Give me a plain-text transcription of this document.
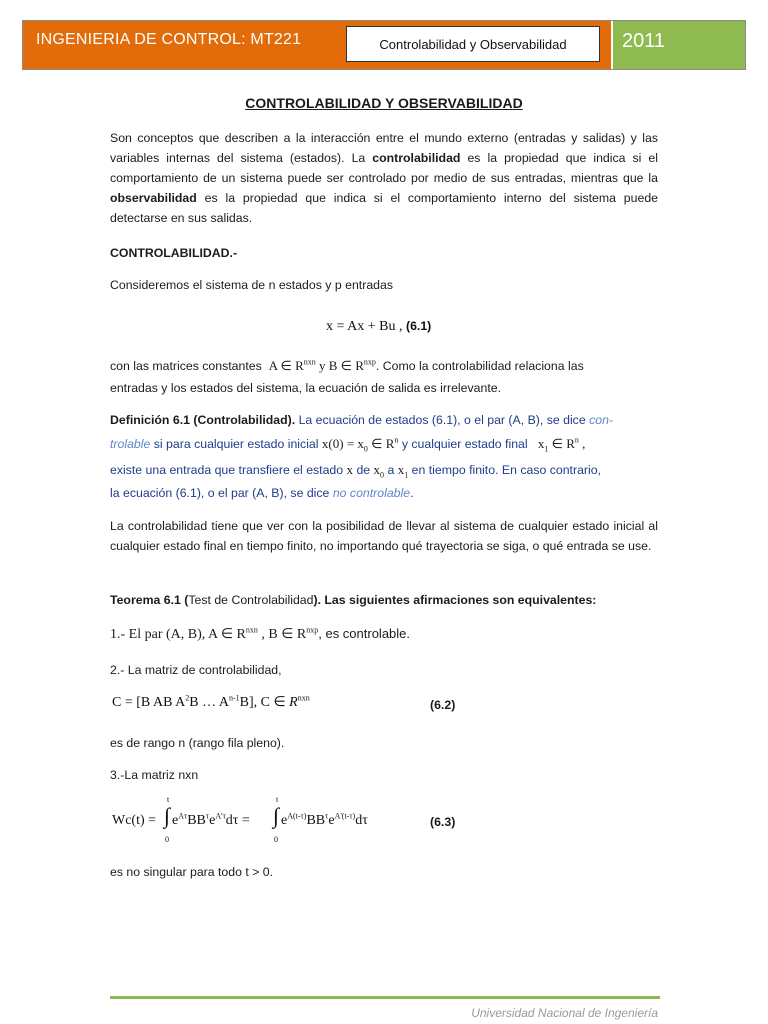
INGENIERIA DE CONTROL: MT221	Controlabilidad y Observabilidad	2011
CONTROLABILIDAD Y OBSERVABILIDAD
Son conceptos que describen a la interacción entre el mundo externo (entradas y salidas) y las variables internas del sistema (estados). La controlabilidad es la propiedad que indica si el comportamiento de un sistema puede ser controlado por medio de sus entradas, mientras que la observabilidad es la propiedad que indica si el comportamiento interno del sistema puede detectarse en sus salidas.
CONTROLABILIDAD.-
Consideremos el sistema de n estados y p entradas
x = Ax + Bu , (6.1)
con las matrices constantes A ∈ $R^{nxn}$ y B ∈ $R^{nxp}$. Como la controlabilidad relaciona las
entradas y los estados del sistema, la ecuación de salida es irrelevante.
Definición 6.1 (Controlabilidad). La ecuación de estados (6.1), o el par (A, B), se dice con-
trolable si para cualquier estado inicial $x(0) = x_0$ ∈ $R^n$ y cualquier estado final   $x_1$ ∈ $R^n$ ,
existe una entrada que transfiere el estado x de $x_0$ a $x_1$ en tiempo finito. En caso contrario,
la ecuación (6.1), o el par (A, B), se dice no controlable.
La controlabilidad tiene que ver con la posibilidad de llevar al sistema de cualquier estado inicial al cualquier estado final en tiempo finito, no importando qué trayectoria se siga, o qué entrada se use.
Teorema 6.1 (Test de Controlabilidad). Las siguientes afirmaciones son equivalentes:
1.- El par (A, B), A ∈ $R^{nxn}$ , B ∈ $R^{nxp}$, es controlable.
2.- La matriz de controlabilidad,
C = [B AB $A^2B$ … $A^{n-1}B$], C ∈ $R^{nxn}$
(6.2)
es de rango n (rango fila pleno).
3.-La matriz nxn
Wc(t) = ∫
t
0
$e^{A\tau}BB^\tau e^{A'\tau}d\tau$ = ∫
t
0
$e^{A(t-\tau)}BB^\tau e^{A'(t-\tau)}d\tau$	(6.3)
es no singular para todo t > 0.
Universidad Nacional de Ingeniería
